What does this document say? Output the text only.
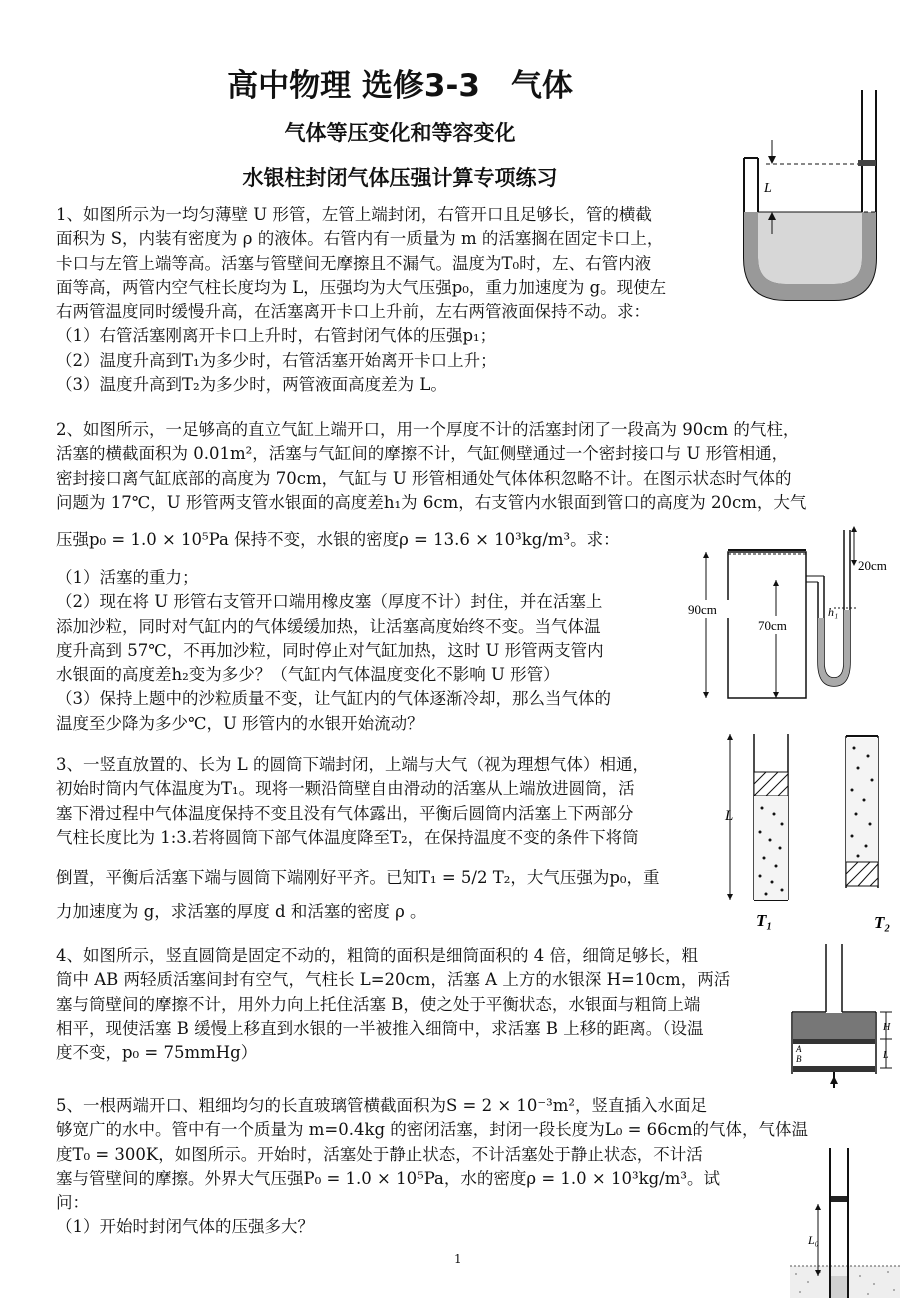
高中物理 选修3-3　气体
气体等压变化和等容变化
水银柱封闭气体压强计算专项练习

1、如图所示为一均匀薄壁 U 形管，左管上端封闭，右管开口且足够长，管的横截

面积为 S，内装有密度为 ρ 的液体。右管内有一质量为 m 的活塞搁在固定卡口上，

卡口与左管上端等高。活塞与管壁间无摩擦且不漏气。温度为T₀时，左、右管内液

面等高，两管内空气柱长度均为 L，压强均为大气压强p₀，重力加速度为 g。现使左

右两管温度同时缓慢升高，在活塞离开卡口上升前，左右两管液面保持不动。求：

（1）右管活塞刚离开卡口上升时，右管封闭气体的压强p₁；

（2）温度升高到T₁为多少时，右管活塞开始离开卡口上升；

（3）温度升高到T₂为多少时，两管液面高度差为 L。

L

2、如图所示，一足够高的直立气缸上端开口，用一个厚度不计的活塞封闭了一段高为 90cm 的气柱，

活塞的横截面积为 0.01m²，活塞与气缸间的摩擦不计，气缸侧壁通过一个密封接口与 U 形管相通，

密封接口离气缸底部的高度为 70cm，气缸与 U 形管相通处气体体积忽略不计。在图示状态时气体的

问题为 17℃，U 形管两支管水银面的高度差h₁为 6cm，右支管内水银面到管口的高度为 20cm，大气

压强p₀ = 1.0 × 10⁵Pa 保持不变，水银的密度ρ = 13.6 × 10³kg/m³。求：

（1）活塞的重力；

（2）现在将 U 形管右支管开口端用橡皮塞（厚度不计）封住，并在活塞上

添加沙粒，同时对气缸内的气体缓缓加热，让活塞高度始终不变。当气体温

度升高到 57℃，不再加沙粒，同时停止对气缸加热，这时 U 形管两支管内

水银面的高度差h₂变为多少？（气缸内气体温度变化不影响 U 形管）

（3）保持上题中的沙粒质量不变，让气缸内的气体逐渐冷却，那么当气体的

温度至少降为多少℃，U 形管内的水银开始流动？

20cm
90cm
70cm
h₁

3、一竖直放置的、长为 L 的圆筒下端封闭，上端与大气（视为理想气体）相通，

初始时筒内气体温度为T₁。现将一颗沿筒壁自由滑动的活塞从上端放进圆筒，活

塞下滑过程中气体温度保持不变且没有气体露出，平衡后圆筒内活塞上下两部分

气柱长度比为 1:3.若将圆筒下部气体温度降至T₂，在保持温度不变的条件下将筒

倒置，平衡后活塞下端与圆筒下端刚好平齐。已知T₁ = 5/2 T₂，大气压强为p₀，重

力加速度为 g，求活塞的厚度 d 和活塞的密度 ρ 。

L
T₁	T₂

4、如图所示，竖直圆筒是固定不动的，粗筒的面积是细筒面积的 4 倍，细筒足够长，粗

筒中 AB 两轻质活塞间封有空气，气柱长 L=20cm，活塞 A 上方的水银深 H=10cm，两活

塞与筒壁间的摩擦不计，用外力向上托住活塞 B，使之处于平衡状态，水银面与粗筒上端

相平，现使活塞 B 缓慢上移直到水银的一半被推入细筒中，求活塞 B 上移的距离。（设温

度不变，p₀ = 75mmHg）	A
B
H
L

5、一根两端开口、粗细均匀的长直玻璃管横截面积为S = 2 × 10⁻³m²，竖直插入水面足

够宽广的水中。管中有一个质量为 m=0.4kg 的密闭活塞，封闭一段长度为L₀ = 66cm的气体，气体温

度T₀ = 300K，如图所示。开始时，活塞处于静止状态，不计活塞处于静止状态，不计活

塞与管壁间的摩擦。外界大气压强P₀ = 1.0 × 10⁵Pa，水的密度ρ = 1.0 × 10³kg/m³。试

问：

（1）开始时封闭气体的压强多大？

L₀
1
